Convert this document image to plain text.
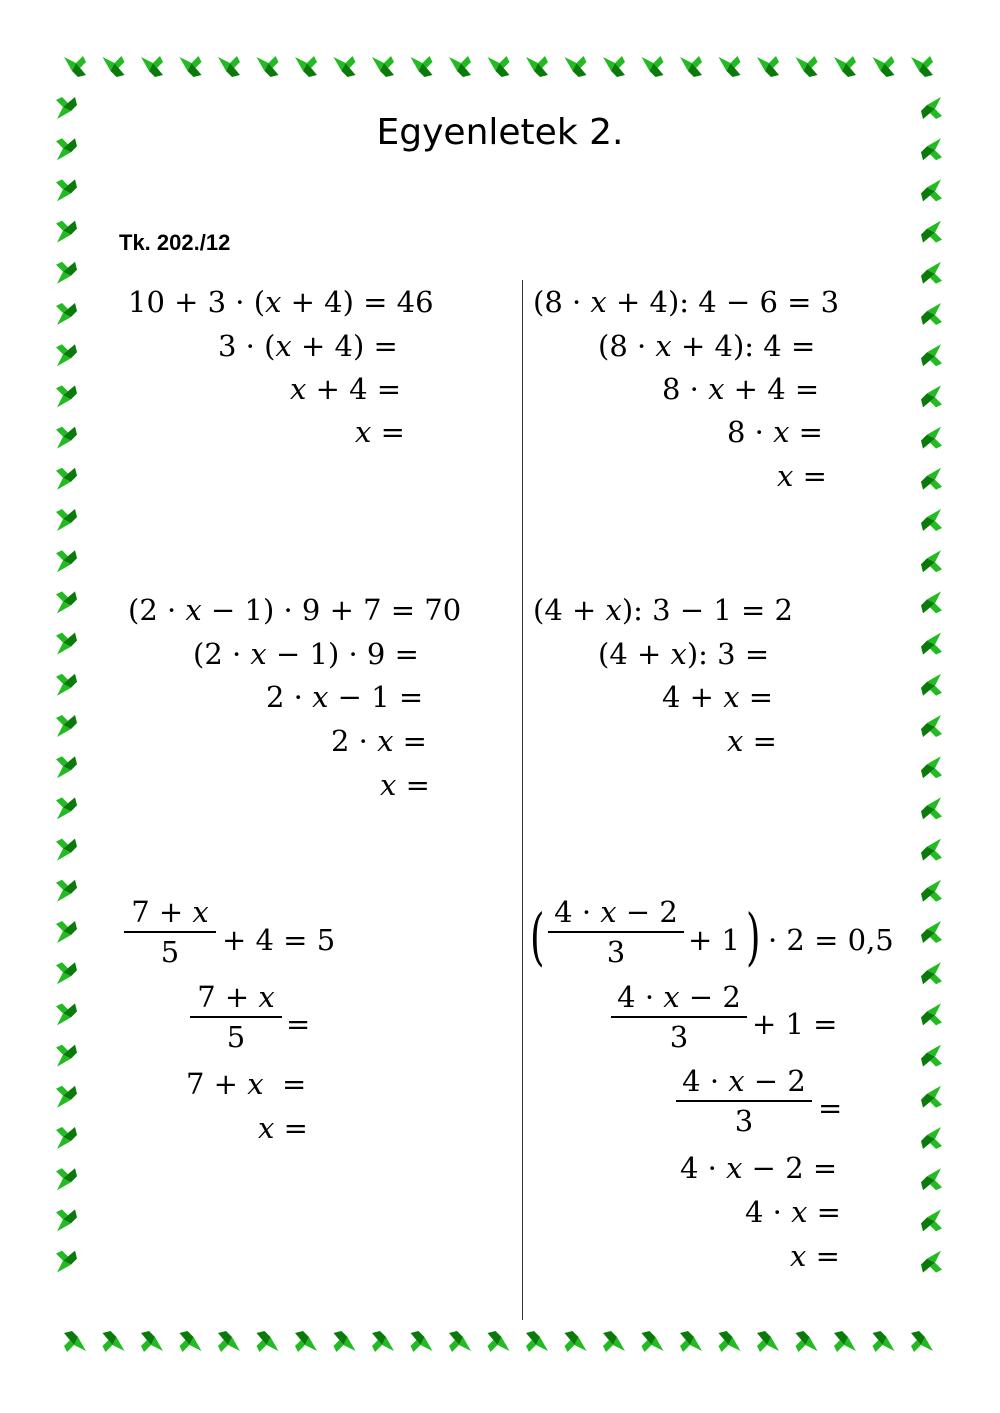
Egyenletek 2.
Tk. 202./12
10 + 3 · (x + 4) = 46
3 · (x + 4) =
x + 4 =
x =
(8 · x + 4): 4 − 6 = 3
(8 · x + 4): 4 =
8 · x + 4 =
8 · x =
x =
(2 · x − 1) · 9 + 7 = 70
(2 · x − 1) · 9 =
2 · x − 1 =
2 · x =
x =
(4 + x): 3 − 1 = 2
(4 + x): 3 =
4 + x =
x =
7 + x
5	+ 4 = 5
7 + x
5	=
7 + x  =
x =
( 4 · x − 2
3	+ 1 ) · 2 = 0,5
4 · x − 2
3	+ 1 =
4 · x − 2
3	=
4 · x − 2 =
4 · x =
x =
